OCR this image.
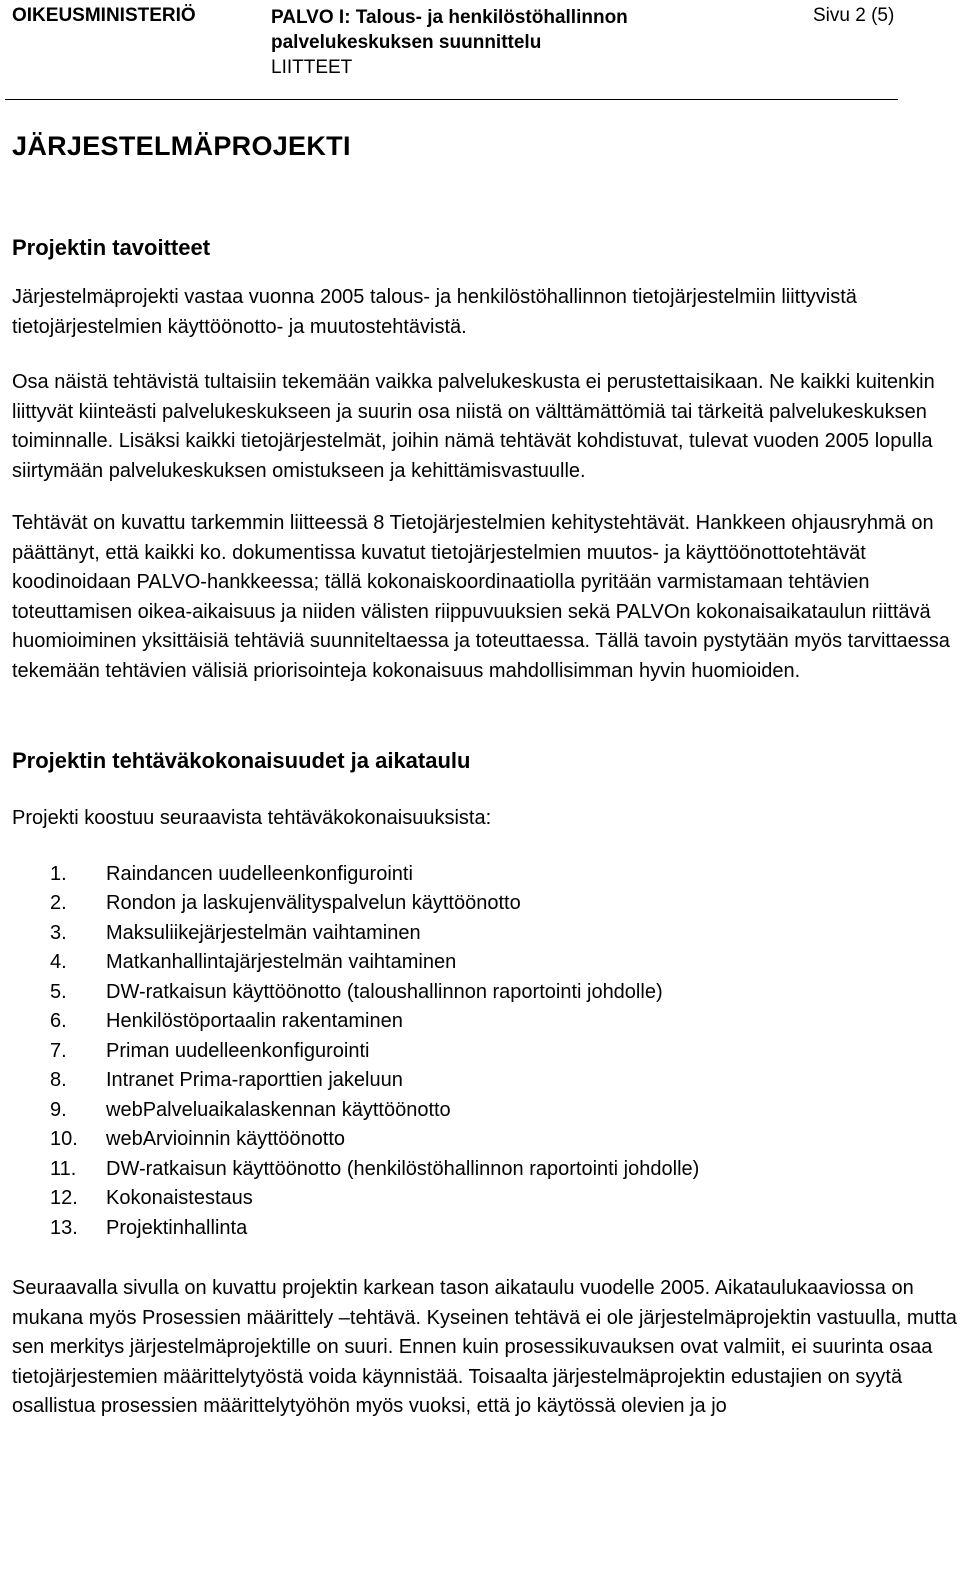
OIKEUSMINISTERIÖ	PALVO I: Talous- ja henkilöstöhallinnon
palvelukeskuksen suunnittelu
LIITTEET
Sivu 2 (5)
JÄRJESTELMÄPROJEKTI
Projektin tavoitteet

Järjestelmäprojekti vastaa vuonna 2005 talous- ja henkilöstöhallinnon tietojärjestelmiin liittyvistä tietojärjestelmien käyttöönotto- ja muutostehtävistä.

Osa näistä tehtävistä tultaisiin tekemään vaikka palvelukeskusta ei perustettaisikaan. Ne kaikki kuitenkin liittyvät kiinteästi palvelukeskukseen ja suurin osa niistä on välttämättömiä tai tärkeitä palvelukeskuksen toiminnalle. Lisäksi kaikki tietojärjestelmät, joihin nämä tehtävät kohdistuvat, tulevat vuoden 2005 lopulla siirtymään palvelukeskuksen omistukseen ja kehittämisvastuulle.

Tehtävät on kuvattu tarkemmin liitteessä 8 Tietojärjestelmien kehitystehtävät. Hankkeen ohjausryhmä on päättänyt, että kaikki ko. dokumentissa kuvatut tietojärjestelmien muutos- ja käyttöönottotehtävät koodinoidaan PALVO-hankkeessa; tällä kokonaiskoordinaatiolla pyritään varmistamaan tehtävien toteuttamisen oikea-aikaisuus ja niiden välisten riippuvuuksien sekä PALVOn kokonaisaikataulun riittävä huomioiminen yksittäisiä tehtäviä suunniteltaessa ja toteuttaessa. Tällä tavoin pystytään myös tarvittaessa tekemään tehtävien välisiä priorisointeja kokonaisuus mahdollisimman hyvin huomioiden.

Projektin tehtäväkokonaisuudet ja aikataulu

Projekti koostuu seuraavista tehtäväkokonaisuuksista:

1.	Raindancen uudelleenkonfigurointi
2.	Rondon ja laskujenvälityspalvelun käyttöönotto
3.	Maksuliikejärjestelmän vaihtaminen
4.	Matkanhallintajärjestelmän vaihtaminen
5.	DW-ratkaisun käyttöönotto (taloushallinnon raportointi johdolle)
6.	Henkilöstöportaalin rakentaminen
7.	Priman uudelleenkonfigurointi
8.	Intranet Prima-raporttien jakeluun
9.	webPalveluaikalaskennan käyttöönotto
10.	webArvioinnin käyttöönotto
11.	DW-ratkaisun käyttöönotto (henkilöstöhallinnon raportointi johdolle)
12.	Kokonaistestaus
13.	Projektinhallinta

Seuraavalla sivulla on kuvattu projektin karkean tason aikataulu vuodelle 2005. Aikataulukaaviossa on mukana myös Prosessien määrittely –tehtävä. Kyseinen tehtävä ei ole järjestelmäprojektin vastuulla, mutta sen merkitys järjestelmäprojektille on suuri. Ennen kuin prosessikuvauksen ovat valmiit, ei suurinta osaa tietojärjestemien määrittelytyöstä voida käynnistää. Toisaalta järjestelmäprojektin edustajien on syytä osallistua prosessien määrittelytyöhön myös vuoksi, että jo käytössä olevien ja jo
